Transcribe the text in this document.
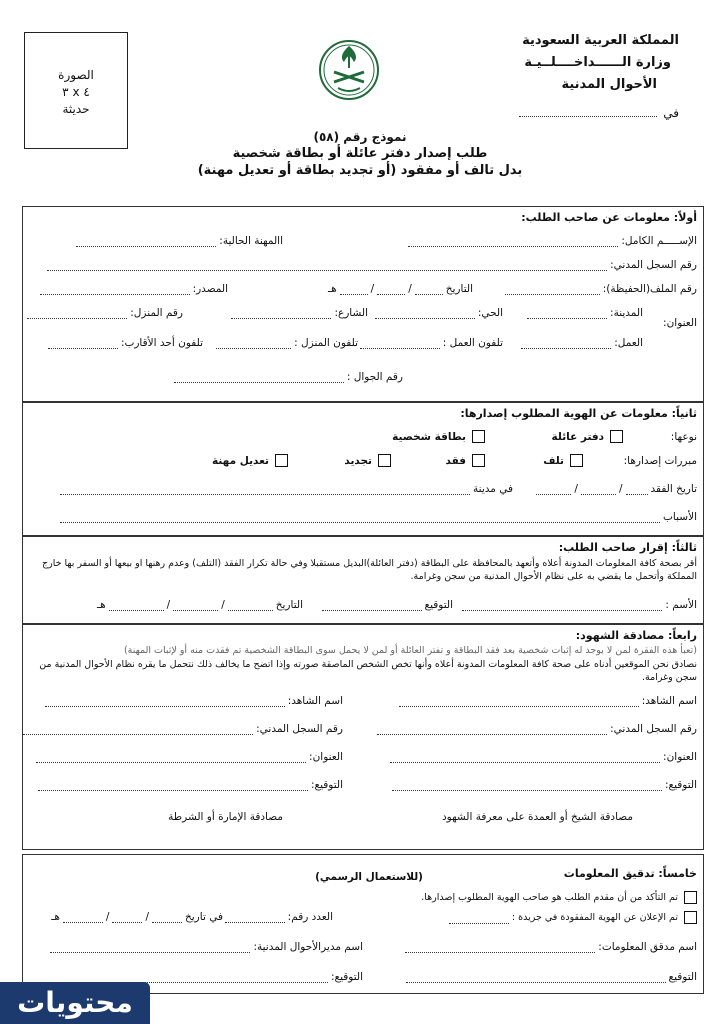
المملكة العربية السعودية
وزارة الــــــداخــــلــيـة
الأحوال المدنية
في
الصورة
٤ x ٣
حديثة
نموذج رقم (٥٨)
طلب إصدار دفتر عائلة أو بطاقة شخصية
بدل تالف أو مفقود (أو تجديد بطاقة أو تعديل مهنة)
أولاً: معلومات عن صاحب الطلب:
الإســـــم الكامل:
االمهنة الحالية:
رقم السجل المدني:
رقم الملف(الحفيظة):
التاريخ
/
/
هـ
المصدر:
العنوان:
المدينة:
الحي:
الشارع:
رقم المنزل:
العمل:
تلفون العمل :
تلفون المنزل :
تلفون أحد الأقارب:
رقم الجوال :
ثانياً: معلومات عن الهوية المطلوب إصدارها:
نوعها:
دفتر عائلة
بطاقة شخصية
مبررات إصدارها:
تلف
فقد
تجديد
تعديل مهنة
تاريخ الفقد
/
/
في مدينة
الأسباب
ثالثاً: إقرار صاحب الطلب:
أقر بصحة كافة المعلومات المدونة أعلاه وأتعهد بالمحافظة على البطاقة (دفتر العائلة)البديل مستقبلا وفي حالة تكرار الفقد (التلف) وعدم رهنها او بيعها أو السفر بها خارج المملكة وأتحمل ما يقضي به على نظام الأحوال المدنية من سجن وغرامة.
الأسم :
التوقيع
التاريخ
/
/
هـ
رابعاً: مصادقة الشهود:
(تعبأ هذه الفقرة لمن لا يوجد له إثبات شخصية بعد فقد البطاقة و تفتر العائلة أو لمن لا يحمل سوى البطاقة الشخصية تم فقدت منه أو لإثبات المهنة)
نصادق نحن الموقعين أدناه على صحة كافة المعلومات المدونة أعلاه وأنها تخص الشخص الماصقة صورته وإذا اتضح ما يخالف ذلك نتحمل ما يقره نظام الأحوال المدنية من سجن وغرامة.
اسم الشاهد:
اسم الشاهد:
رقم السجل المدني:
رقم السجل المدني:
العنوان:
العنوان:
التوقيع:
التوقيع:
مصادقة الشيخ أو العمدة على معرفة الشهود
مصادقة الإمارة أو الشرطة
خامساً: تدقيق المعلومات
(للاستعمال الرسمي)
تم التأكد من أن مقدم الطلب هو صاحب الهوية المطلوب إصدارها.
تم الإعلان عن الهوية المفقودة في جريدة :
العدد رقم:
في تاريخ
/
/
هـ
اسم مدقق المعلومات:
اسم مديرالأحوال المدنية:
التوقيع
التوقيع:
محتويات
